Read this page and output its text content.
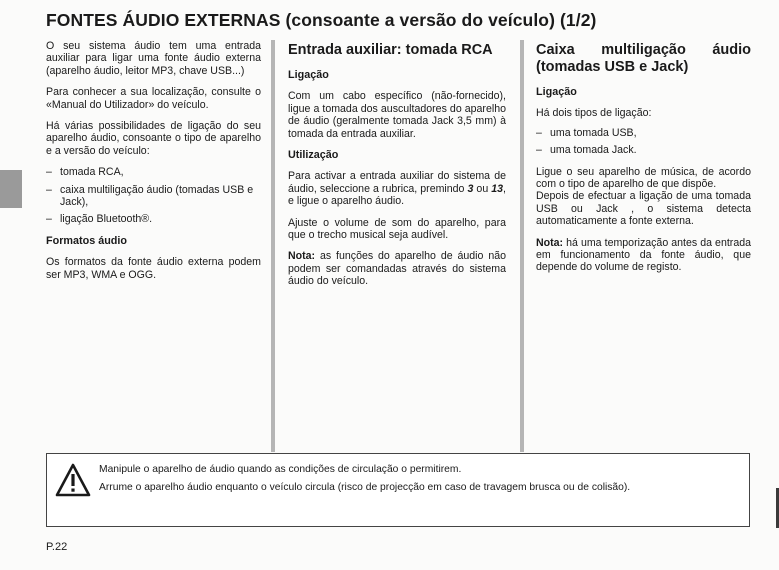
FONTES ÁUDIO EXTERNAS (consoante a versão do veículo) (1/2)

O seu sistema áudio tem uma entrada auxiliar para ligar uma fonte áudio externa (aparelho áudio, leitor MP3, chave USB...)

Para conhecer a sua localização, consulte o «Manual do Utilizador» do veículo.

Há várias possibilidades de ligação do seu aparelho áudio, consoante o tipo de aparelho e a versão do veículo:

– tomada RCA,
– caixa multiligação áudio (tomadas USB e Jack),
– ligação Bluetooth®.

Formatos áudio

Os formatos da fonte áudio externa podem ser MP3, WMA e OGG.

Entrada auxiliar: tomada RCA

Ligação

Com um cabo específico (não-fornecido), ligue a tomada dos auscultadores do aparelho de áudio (geralmente tomada Jack 3,5 mm) à tomada da entrada auxiliar.

Utilização

Para activar a entrada auxiliar do sistema de áudio, seleccione a rubrica, premindo 3 ou 13, e ligue o aparelho áudio.

Ajuste o volume de som do aparelho, para que o trecho musical seja audível.

Nota: as funções do aparelho de áudio não podem ser comandadas através do sistema áudio do veículo.

Caixa multiligação áudio (tomadas USB e Jack)

Ligação

Há dois tipos de ligação:

– uma tomada USB,
– uma tomada Jack.

Ligue o seu aparelho de música, de acordo com o tipo de aparelho de que dispõe.

Depois de efectuar a ligação de uma tomada USB ou Jack , o sistema detecta automaticamente a fonte externa.

Nota: há uma temporização antes da entrada em funcionamento da fonte áudio, que depende do volume de registo.

Manipule o aparelho de áudio quando as condições de circulação o permitirem.
Arrume o aparelho áudio enquanto o veículo circula (risco de projecção em caso de travagem brusca ou de colisão).
P.22
